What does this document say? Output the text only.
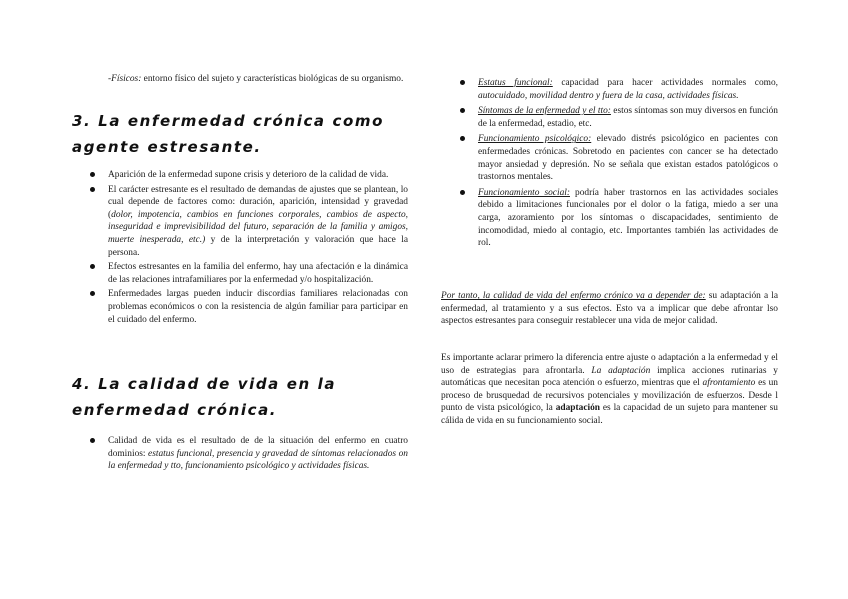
-Físicos: entorno físico del sujeto y características biológicas de su organismo.

3. La enfermedad crónica como agente estresante.
Aparición de la enfermedad supone crisis y deterioro de la calidad de vida.
El carácter estresante es el resultado de demandas de ajustes que se plantean, lo cual depende de factores como: duración, aparición, intensidad y gravedad (dolor, impotencia, cambios en funciones corporales, cambios de aspecto, inseguridad e imprevisibilidad del futuro, separación de la familia y amigos, muerte inesperada, etc.) y de la interpretación y valoración que hace la persona.
Efectos estresantes en la familia del enfermo, hay una afectación e la dinámica de las relaciones intrafamiliares por la enfermedad y/o hospitalización.
Enfermedades largas pueden inducir discordias familiares relacionadas con problemas económicos o con la resistencia de algún familiar para participar en el cuidado del enfermo.
4. La calidad de vida en la enfermedad crónica.
Calidad de vida es el resultado de de la situación del enfermo en cuatro dominios: estatus funcional, presencia y gravedad de síntomas relacionados on la enfermedad y tto, funcionamiento psicológico y actividades físicas.
Estatus funcional: capacidad para hacer actividades normales como, autocuidado, movilidad dentro y fuera de la casa, actividades físicas.
Síntomas de la enfermedad y el tto: estos síntomas son muy diversos en función de la enfermedad, estadio, etc.
Funcionamiento psicológico: elevado distrés psicológico en pacientes con enfermedades crónicas. Sobretodo en pacientes con cancer se ha detectado mayor ansiedad y depresión. No se señala que existan estados patológicos o trastornos mentales.
Funcionamiento social: podría haber trastornos en las actividades sociales debido a limitaciones funcionales por el dolor o la fatiga, miedo a ser una carga, azoramiento por los síntomas o discapacidades, sentimiento de incomodidad, miedo al contagio, etc. Importantes también las actividades de rol.

Por tanto, la calidad de vida del enfermo crónico va a depender de: su adaptación a la enfermedad, al tratamiento y a sus efectos. Esto va a implicar que debe afrontar lso aspectos estresantes para conseguir restablecer una vida de mejor calidad.

Es importante aclarar primero la diferencia entre ajuste o adaptación a la enfermedad y el uso de estrategias para afrontarla. La adaptación implica acciones rutinarias y automáticas que necesitan poca atención o esfuerzo, mientras que el afrontamiento es un proceso de brusquedad de recursivos potenciales y movilización de esfuerzos. Desde l punto de vista psicológico, la adaptación es la capacidad de un sujeto para mantener su cálida de vida en su funcionamiento social.
